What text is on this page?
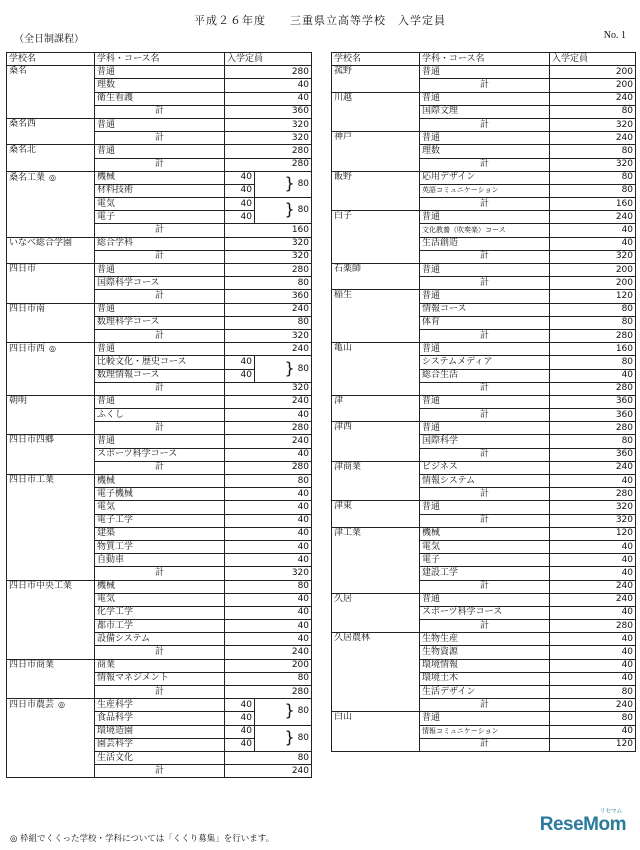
平成２６年度　　三重県立高等学校　入学定員
（全日制課程）	No. 1
学校名	学科・コース名	入学定員	
桑名	普通	280	
	理数	40	
	衛生看護	40	
	計	360	
桑名西	普通	320	
	計	320	
桑名北	普通	280	
	計	280	
桑名工業 ◎	機械	40	} 80
	材料技術	40	
	電気	40	} 80
	電子	40	
	計	160	
いなべ総合学園	総合学科	320	
	計	320	
四日市	普通	280	
	国際科学コース	80	
	計	360	
四日市南	普通	240	
	数理科学コース	80	
	計	320	
四日市西 ◎	普通	240	
	比較文化・歴史コース	40	} 80
	数理情報コース	40	
	計	320	
朝明	普通	240	
	ふくし	40	
	計	280	
四日市四郷	普通	240	
	スポーツ科学コース	40	
	計	280	
四日市工業	機械	80	
	電子機械	40	
	電気	40	
	電子工学	40	
	建築	40	
	物質工学	40	
	自動車	40	
	計	320	
四日市中央工業	機械	80	
	電気	40	
	化学工学	40	
	都市工学	40	
	設備システム	40	
	計	240	
四日市商業	商業	200	
	情報マネジメント	80	
	計	280	
四日市農芸 ◎	生産科学	40	} 80
	食品科学	40	
	環境造園	40	} 80
	園芸科学	40	
	生活文化	80	
	計	240	
学校名	学科・コース名	入学定員
菰野	普通	200
	計	200
川越	普通	240
	国際文理	80
	計	320
神戸	普通	240
	理数	80
	計	320
飯野	応用デザイン	80
	英語コミュニケーション	80
	計	160
白子	普通	240
	文化教養（吹奏楽）コース	40
	生活創造	40
	計	320
石薬師	普通	200
	計	200
稲生	普通	120
	情報コース	80
	体育	80
	計	280
亀山	普通	160
	システムメディア	80
	総合生活	40
	計	280
津	普通	360
	計	360
津西	普通	280
	国際科学	80
	計	360
津商業	ビジネス	240
	情報システム	40
	計	280
津東	普通	320
	計	320
津工業	機械	120
	電気	40
	電子	40
	建設工学	40
	計	240
久居	普通	240
	スポーツ科学コース	40
	計	280
久居農林	生物生産	40
	生物資源	40
	環境情報	40
	環境土木	40
	生活デザイン	80
	計	240
白山	普通	80
	情報コミュニケーション	40
	計	120
◎ 枠組でくくった学校・学科については「くくり募集」を行います。
ReseMom
リセマム
